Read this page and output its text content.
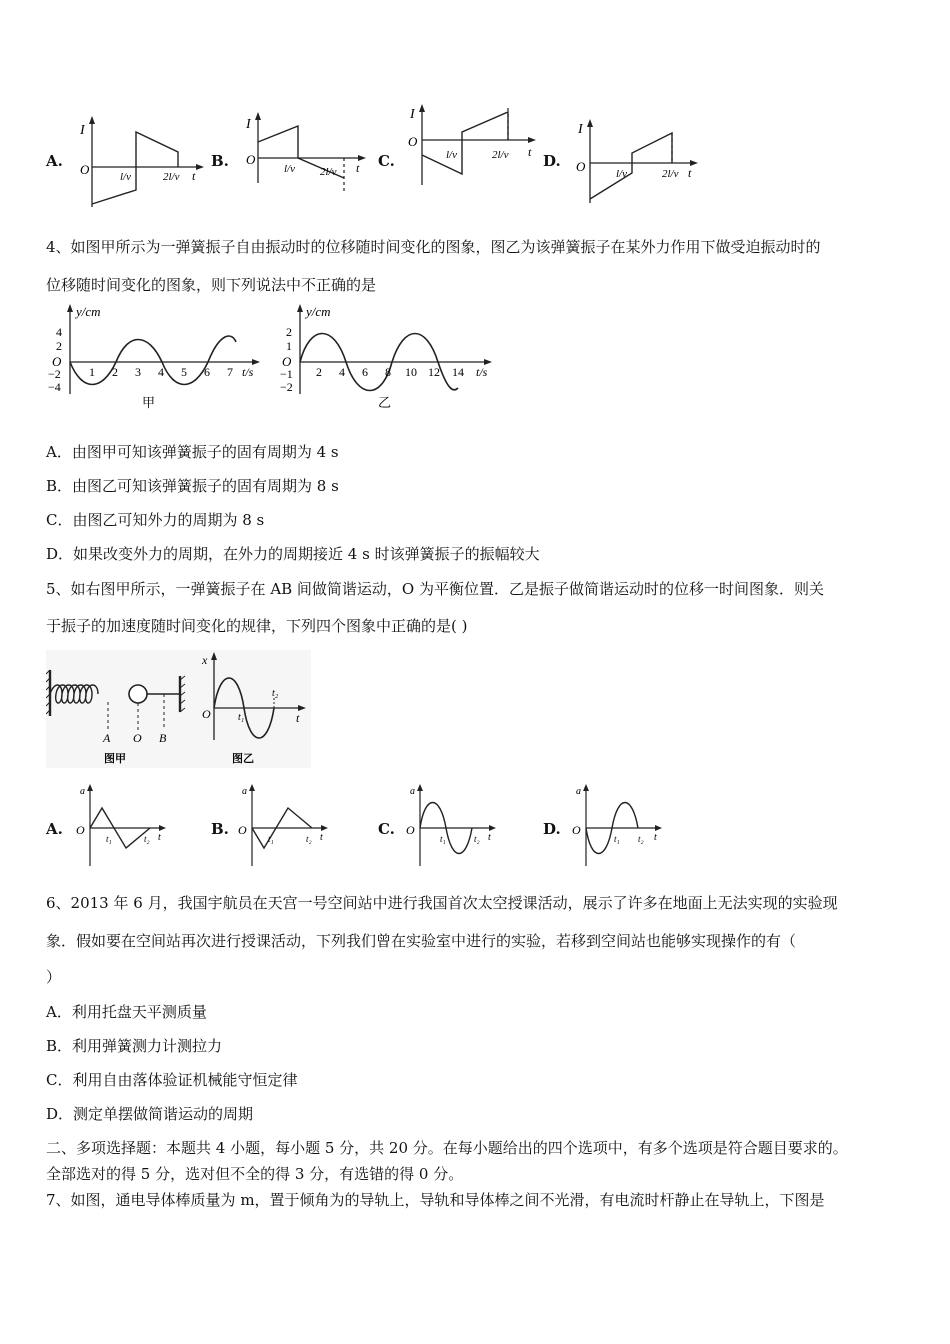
A.
I
O	l/v	2l/v t
B.
I
O
l/v 2l/v t C.
I
O
l/v	2l/v t D.
I
O	l/v	2l/v t
4、如图甲所示为一弹簧振子自由振动时的位移随时间变化的图象，图乙为该弹簧振子在某外力作用下做受迫振动时的
位移随时间变化的图象，则下列说法中不正确的是
y/cm
O
t/s
4
2
−2
−4
1 2 3 4 5 6 7
甲
y/cm
O
t/s
2
1
−1
−2
2 4 6 8 10 12 14
乙
A．由图甲可知该弹簧振子的固有周期为 4 s
B．由图乙可知该弹簧振子的固有周期为 8 s
C．由图乙可知外力的周期为 8 s
D．如果改变外力的周期，在外力的周期接近 4 s 时该弹簧振子的振幅较大
5、如右图甲所示，一弹簧振子在 AB 间做简谐运动，O 为平衡位置．乙是振子做简谐运动时的位移一时间图象．则关
于振子的加速度随时间变化的规律，下列四个图象中正确的是( )
A O B
图甲
x
O	t₁
t₂
t
图乙
A.
a
O
t₁	t₂ t	B.
a
O
t₁	t₂ t	C.
a
O
t₁	t₂ t	D.
a
O
t₁ t₂ t
6、2013 年 6 月，我国宇航员在天宫一号空间站中进行我国首次太空授课活动，展示了许多在地面上无法实现的实验现
象．假如要在空间站再次进行授课活动，下列我们曾在实验室中进行的实验，若移到空间站也能够实现操作的有（
）
A．利用托盘天平测质量
B．利用弹簧测力计测拉力
C．利用自由落体验证机械能守恒定律
D．测定单摆做简谐运动的周期
二、多项选择题：本题共 4 小题，每小题 5 分，共 20 分。在每小题给出的四个选项中，有多个选项是符合题目要求的。
全部选对的得 5 分，选对但不全的得 3 分，有选错的得 0 分。
7、如图，通电导体棒质量为 m，置于倾角为的导轨上，导轨和导体棒之间不光滑，有电流时杆静止在导轨上，下图是
